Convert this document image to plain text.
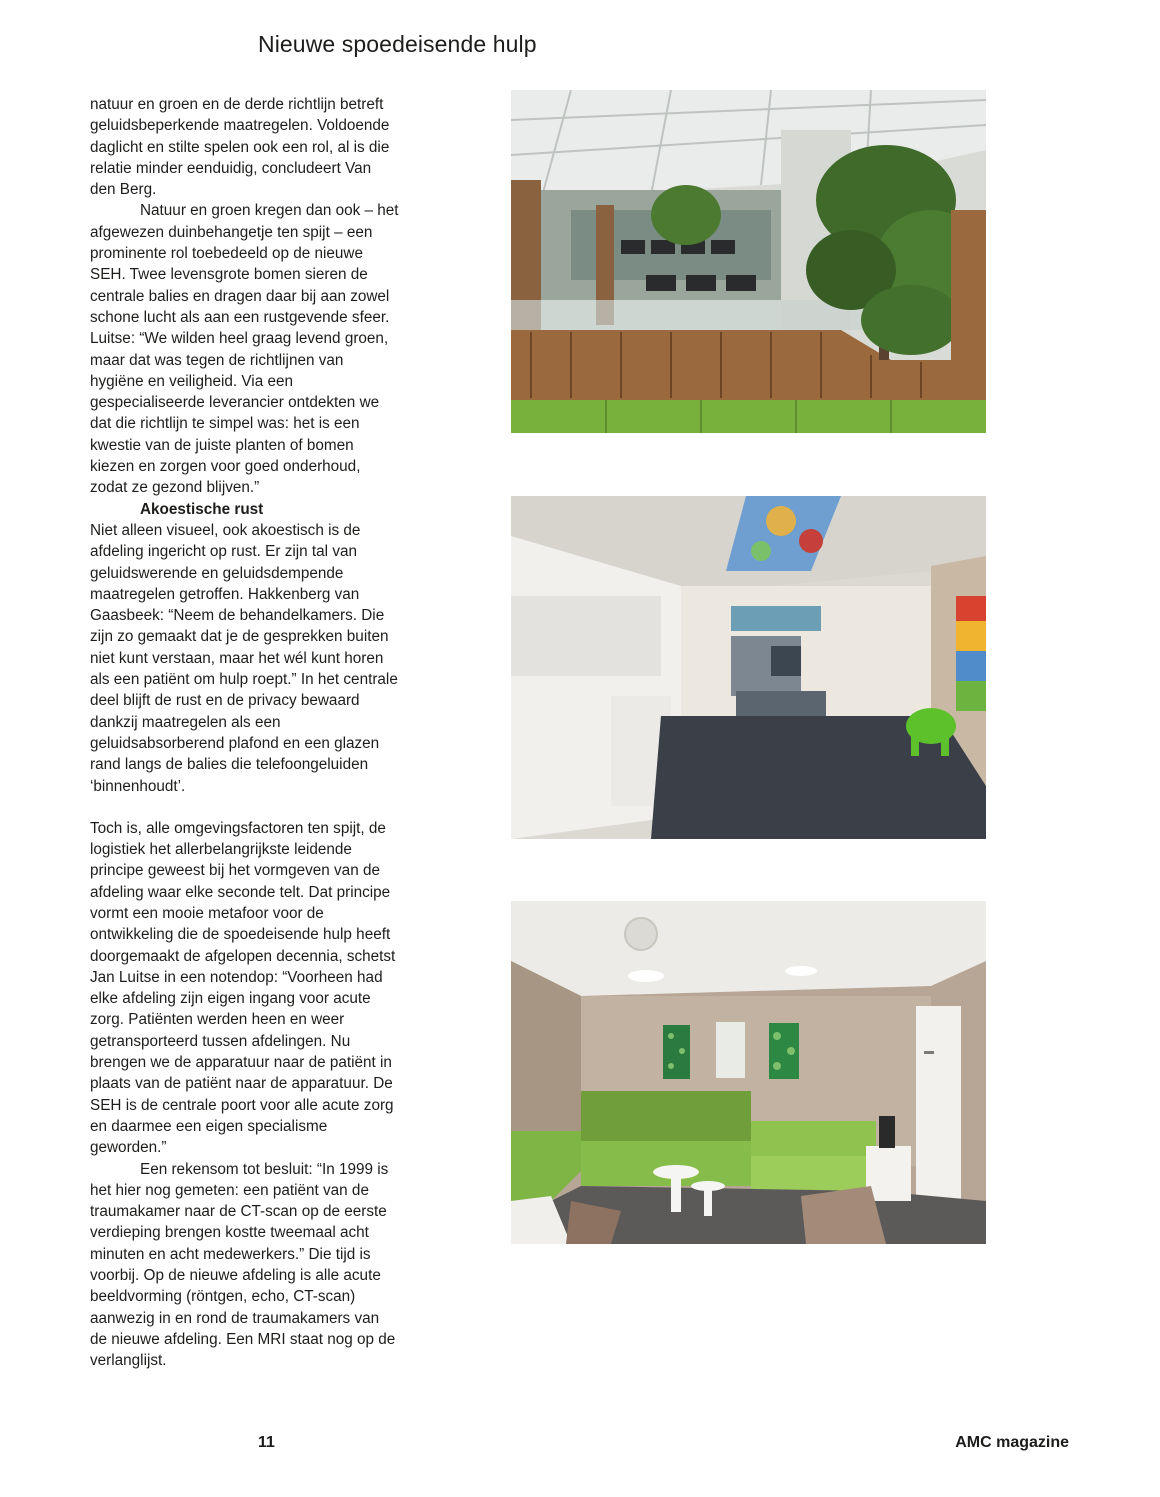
Nieuwe spoedeisende hulp

natuur en groen en de derde richtlijn betreft geluidsbeperkende maatregelen. Voldoende daglicht en stilte spelen ook een rol, al is die relatie minder eenduidig, concludeert Van den Berg.

Natuur en groen kregen dan ook – het afgewezen duinbehangetje ten spijt – een prominente rol toebedeeld op de nieuwe SEH. Twee levensgrote bomen sieren de centrale balies en dragen daar bij aan zowel schone lucht als aan een rustgevende sfeer. Luitse: “We wilden heel graag levend groen, maar dat was tegen de richtlijnen van hygiëne en veiligheid. Via een gespecialiseerde leverancier ontdekten we dat die richtlijn te simpel was: het is een kwestie van de juiste planten of bomen kiezen en zorgen voor goed onderhoud, zodat ze gezond blijven.”

Akoestische rust

Niet alleen visueel, ook akoestisch is de afdeling ingericht op rust. Er zijn tal van geluidswerende en geluidsdempende maatregelen getroffen. Hakkenberg van Gaasbeek: “Neem de behandelkamers. Die zijn zo gemaakt dat je de gesprekken buiten niet kunt verstaan, maar het wél kunt horen als een patiënt om hulp roept.” In het centrale deel blijft de rust en de privacy bewaard dankzij maatregelen als een geluidsabsorberend plafond en een glazen rand langs de balies die telefoongeluiden ‘binnenhoudt’.

Toch is, alle omgevingsfactoren ten spijt, de logistiek het allerbelangrijkste leidende principe geweest bij het vormgeven van de afdeling waar elke seconde telt. Dat principe vormt een mooie metafoor voor de ontwikkeling die de spoedeisende hulp heeft doorgemaakt de afgelopen decennia, schetst Jan Luitse in een notendop: “Voorheen had elke afdeling zijn eigen ingang voor acute zorg. Patiënten werden heen en weer getransporteerd tussen afdelingen. Nu brengen we de apparatuur naar de patiënt in plaats van de patiënt naar de apparatuur. De SEH is de centrale poort voor alle acute zorg en daarmee een eigen specialisme geworden.”

Een rekensom tot besluit: “In 1999 is het hier nog gemeten: een patiënt van de traumakamer naar de CT-scan op de eerste verdieping brengen kostte tweemaal acht minuten en acht medewerkers.” Die tijd is voorbij. Op de nieuwe afdeling is alle acute beeldvorming (röntgen, echo, CT-scan) aanwezig in en rond de traumakamers van de nieuwe afdeling. Een MRI staat nog op de verlanglijst.

11	AMC magazine
